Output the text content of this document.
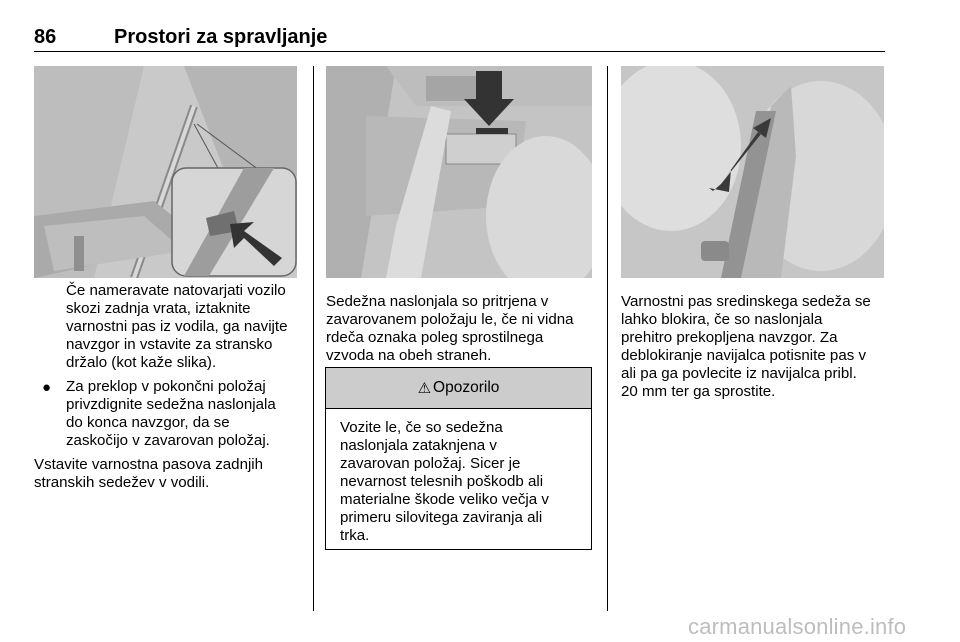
86	Prostori za spravljanje
Če nameravate natovarjati vozilo
skozi zadnja vrata, iztaknite
varnostni pas iz vodila, ga navijte
navzgor in vstavite za stransko
držalo (kot kaže slika).
● Za preklop v pokončni položaj
privzdignite sedežna naslonjala
do konca navzgor, da se
zaskočijo v zavarovan položaj.
Vstavite varnostna pasova zadnjih
stranskih sedežev v vodili.
Sedežna naslonjala so pritrjena v
zavarovanem položaju le, če ni vidna
rdeča oznaka poleg sprostilnega
vzvoda na obeh straneh.
⚠ Opozorilo
Vozite le, če so sedežna
naslonjala zataknjena v
zavarovan položaj. Sicer je
nevarnost telesnih poškodb ali
materialne škode veliko večja v
primeru silovitega zaviranja ali
trka.
Varnostni pas sredinskega sedeža se
lahko blokira, če so naslonjala
prehitro prekopljena navzgor. Za
deblokiranje navijalca potisnite pas v
ali pa ga povlecite iz navijalca pribl.
20 mm ter ga sprostite.
carmanualsonline.info
